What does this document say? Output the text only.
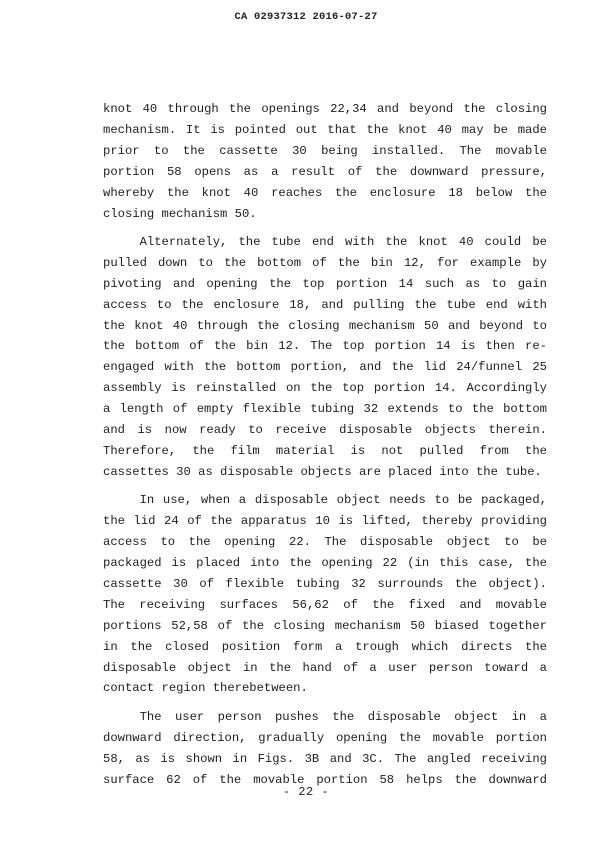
CA 02937312 2016-07-27
knot 40 through the openings 22,34 and beyond the closing
mechanism. It is pointed out that the knot 40 may be made
prior to the cassette 30 being installed. The movable
portion 58 opens as a result of the downward pressure,
whereby the knot 40 reaches the enclosure 18 below the
closing mechanism 50.
Alternately, the tube end with the knot 40 could be
pulled down to the bottom of the bin 12, for example by
pivoting and opening the top portion 14 such as to gain
access to the enclosure 18, and pulling the tube end with
the knot 40 through the closing mechanism 50 and beyond to
the bottom of the bin 12. The top portion 14 is then re-
engaged with the bottom portion, and the lid 24/funnel 25
assembly is reinstalled on the top portion 14. Accordingly
a length of empty flexible tubing 32 extends to the bottom
and is now ready to receive disposable objects therein.
Therefore, the film material is not pulled from the
cassettes 30 as disposable objects are placed into the tube.
In use, when a disposable object needs to be packaged,
the lid 24 of the apparatus 10 is lifted, thereby providing
access to the opening 22. The disposable object to be
packaged is placed into the opening 22 (in this case, the
cassette 30 of flexible tubing 32 surrounds the object).
The receiving surfaces 56,62 of the fixed and movable
portions 52,58 of the closing mechanism 50 biased together
in the closed position form a trough which directs the
disposable object in the hand of a user person toward a
contact region therebetween.
The user person pushes the disposable object in a
downward direction, gradually opening the movable portion
58, as is shown in Figs. 3B and 3C. The angled receiving
surface 62 of the movable portion 58 helps the downward
- 22 -
